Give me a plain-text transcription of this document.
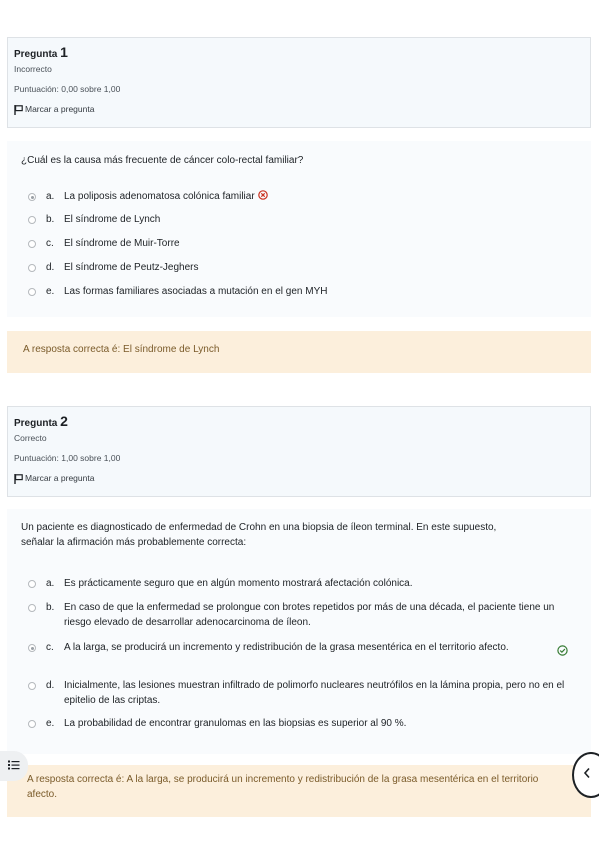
Pregunta 1
Incorrecto
Puntuación: 0,00 sobre 1,00
Marcar a pregunta
¿Cuál es la causa más frecuente de cáncer colo-rectal familiar?
a. La poliposis adenomatosa colónica familiar
b. El síndrome de Lynch
c.	El síndrome de Muir-Torre
d. El síndrome de Peutz-Jeghers
e. Las formas familiares asociadas a mutación en el gen MYH
A resposta correcta é: El síndrome de Lynch
Pregunta 2
Correcto
Puntuación: 1,00 sobre 1,00
Marcar a pregunta
Un paciente es diagnosticado de enfermedad de Crohn en una biopsia de íleon terminal. En este supuesto, señalar la afirmación más probablemente correcta:
a. Es prácticamente seguro que en algún momento mostrará afectación colónica.
b. En caso de que la enfermedad se prolongue con brotes repetidos por más de una década, el paciente tiene un riesgo elevado de desarrollar adenocarcinoma de íleon.
c.	A la larga, se producirá un incremento y redistribución de la grasa mesentérica en el territorio afecto.
d. Inicialmente, las lesiones muestran infiltrado de polimorfo nucleares neutrófilos en la lámina propia, pero no en el epitelio de las criptas.
e. La probabilidad de encontrar granulomas en las biopsias es superior al 90 %.
A resposta correcta é: A la larga, se producirá un incremento y redistribución de la grasa mesentérica en el territorio afecto.
